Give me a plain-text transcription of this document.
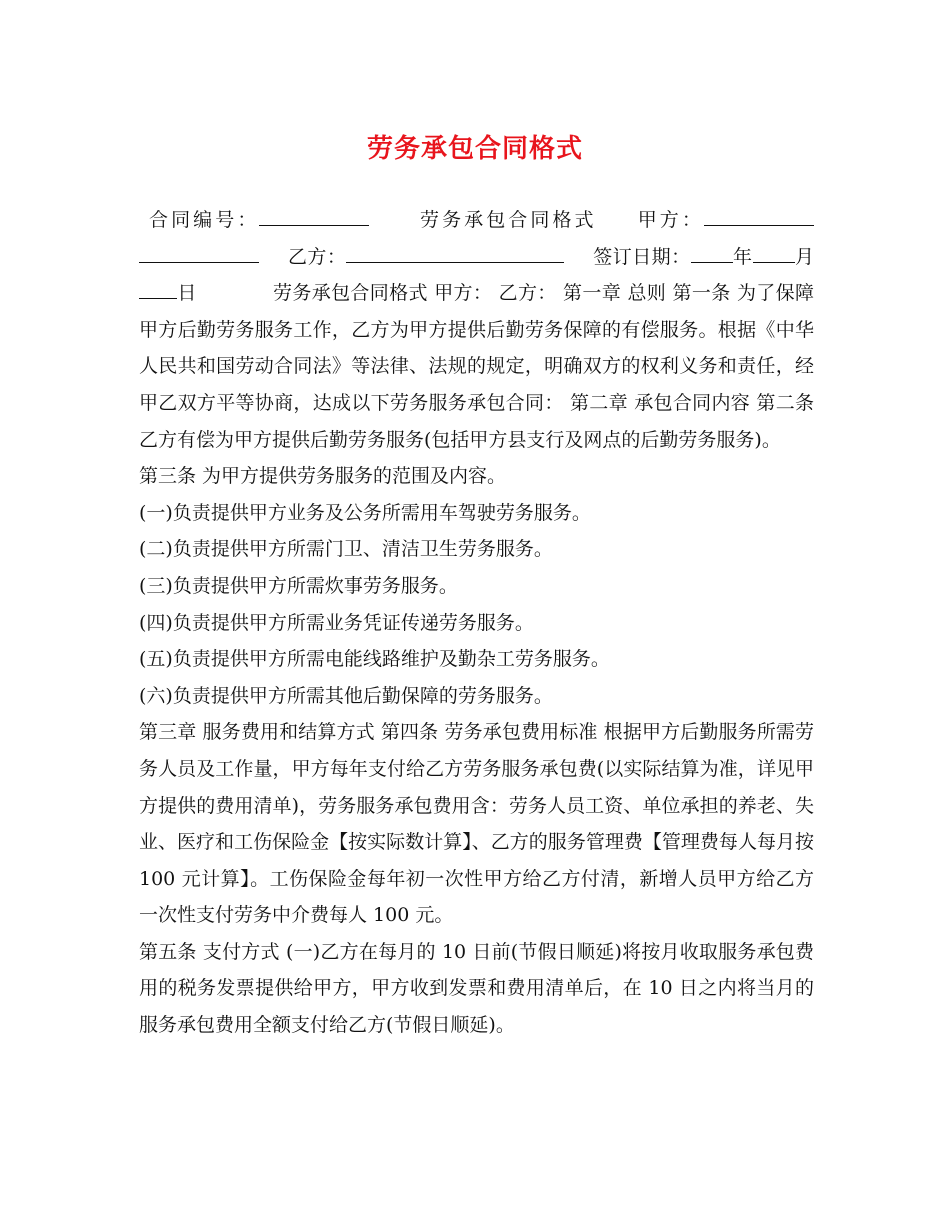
劳务承包合同格式

合同编号：   	劳务承包合同格式   甲方：  乙方：  	签订日期： 年 月日    	劳务承包合同格式 甲方： 乙方： 第一章 总则 第一条 为了保障甲方后勤劳务服务工作，乙方为甲方提供后勤劳务保障的有偿服务。根据《中华人民共和国劳动合同法》等法律、法规的规定，明确双方的权利义务和责任，经甲乙双方平等协商，达成以下劳务服务承包合同： 第二章 承包合同内容 第二条 乙方有偿为甲方提供后勤劳务服务(包括甲方县支行及网点的后勤劳务服务)。

第三条 为甲方提供劳务服务的范围及内容。

(一)负责提供甲方业务及公务所需用车驾驶劳务服务。

(二)负责提供甲方所需门卫、清洁卫生劳务服务。

(三)负责提供甲方所需炊事劳务服务。

(四)负责提供甲方所需业务凭证传递劳务服务。

(五)负责提供甲方所需电能线路维护及勤杂工劳务服务。

(六)负责提供甲方所需其他后勤保障的劳务服务。

第三章 服务费用和结算方式 第四条 劳务承包费用标准 根据甲方后勤服务所需劳务人员及工作量，甲方每年支付给乙方劳务服务承包费(以实际结算为准，详见甲方提供的费用清单)，劳务服务承包费用含：劳务人员工资、单位承担的养老、失业、医疗和工伤保险金【按实际数计算】、乙方的服务管理费【管理费每人每月按 100 元计算】。工伤保险金每年初一次性甲方给乙方付清，新增人员甲方给乙方一次性支付劳务中介费每人 100 元。

第五条 支付方式 (一)乙方在每月的 10 日前(节假日顺延)将按月收取服务承包费用的税务发票提供给甲方，甲方收到发票和费用清单后，在 10 日之内将当月的服务承包费用全额支付给乙方(节假日顺延)。
